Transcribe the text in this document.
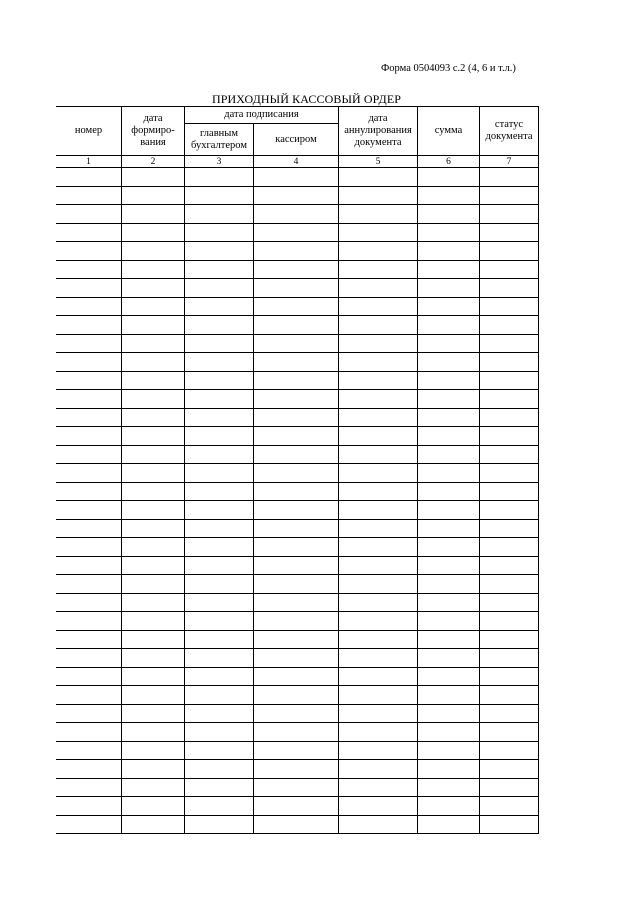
Форма 0504093 с.2 (4, 6 и т.л.)
ПРИХОДНЫЙ КАССОВЫЙ ОРДЕР
номер	дата формиро-вания	дата подписания		дата аннулирования документа	сумма	статус документа
		главным бухгалтером	кассиром			
1	2	3	4	5	6	7
